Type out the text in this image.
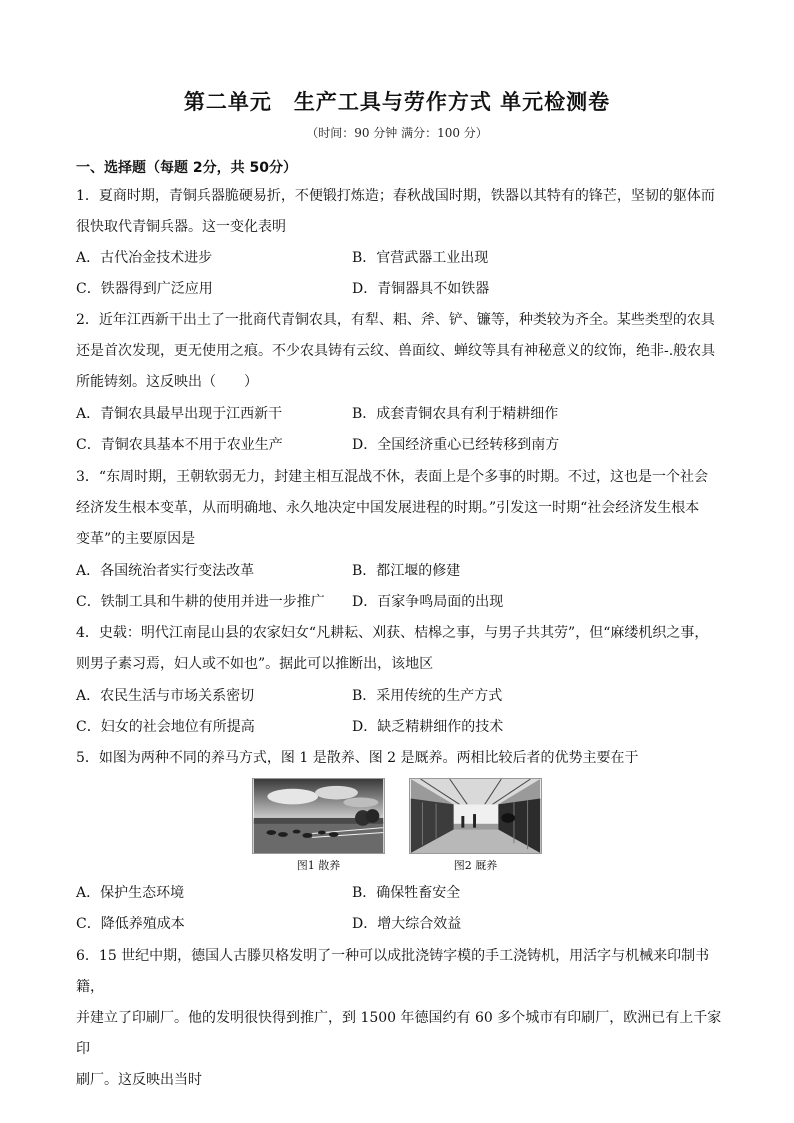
第二单元　生产工具与劳作方式 单元检测卷
（时间：90 分钟 满分：100 分）
一、选择题（每题 2分，共 50分）
1．夏商时期，青铜兵器脆硬易折，不便锻打炼造；春秋战国时期，铁器以其特有的锋芒，坚韧的躯体而
很快取代青铜兵器。这一变化表明
A．古代冶金技术进步	B．官营武器工业出现
C．铁器得到广泛应用	D．青铜器具不如铁器
2．近年江西新干出土了一批商代青铜农具，有犁、耜、斧、铲、镰等，种类较为齐全。某些类型的农具
还是首次发现，更无使用之痕。不少农具铸有云纹、兽面纹、蝉纹等具有神秘意义的纹饰，绝非-.般农具
所能铸刻。这反映出（　　）
A．青铜农具最早出现于江西新干	B．成套青铜农具有利于精耕细作
C．青铜农具基本不用于农业生产	D．全国经济重心已经转移到南方
3．“东周时期，王朝软弱无力，封建主相互混战不休，表面上是个多事的时期。不过，这也是一个社会
经济发生根本变革，从而明确地、永久地决定中国发展进程的时期。”引发这一时期“社会经济发生根本
变革”的主要原因是
A．各国统治者实行变法改革	B．都江堰的修建
C．铁制工具和牛耕的使用并进一步推广 D．百家争鸣局面的出现
4．史载：明代江南昆山县的农家妇女“凡耕耘、刈获、桔槔之事，与男子共其劳”，但“麻缕机织之事，
则男子素习焉，妇人或不如也”。据此可以推断出，该地区
A．农民生活与市场关系密切	B．采用传统的生产方式
C．妇女的社会地位有所提高	D．缺乏精耕细作的技术
5．如图为两种不同的养马方式，图 1 是散养、图 2 是厩养。两相比较后者的优势主要在于
图1 散养	图2 厩养
A．保护生态环境	B．确保牲畜安全
C．降低养殖成本	D．增大综合效益
6．15 世纪中期，德国人古滕贝格发明了一种可以成批浇铸字模的手工浇铸机，用活字与机械来印制书籍，
并建立了印刷厂。他的发明很快得到推广，到 1500 年德国约有 60 多个城市有印刷厂，欧洲已有上千家印
刷厂。这反映出当时
